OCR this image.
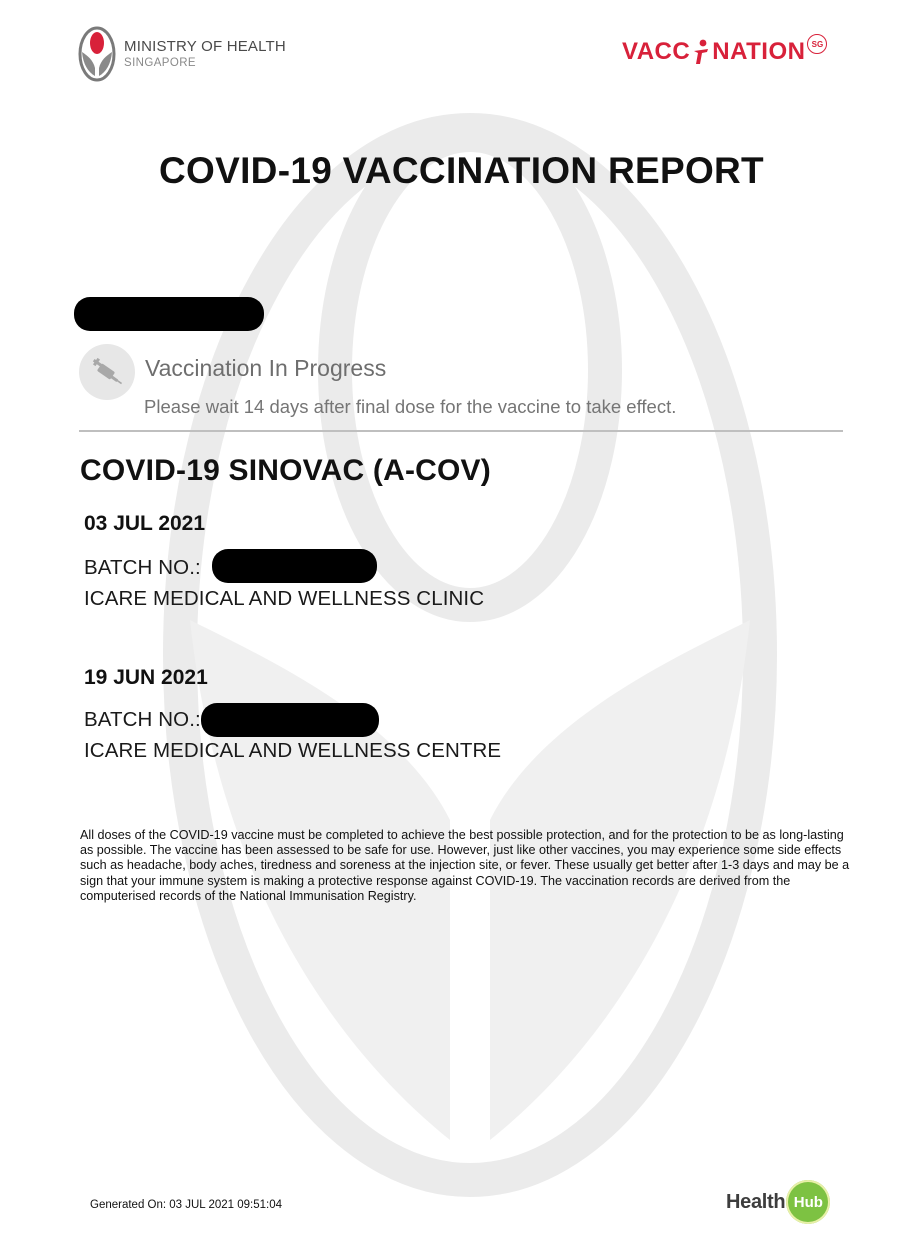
MINISTRY OF HEALTH
SINGAPORE	VACC NATION SG
COVID-19 VACCINATION REPORT
Vaccination In Progress
Please wait 14 days after final dose for the vaccine to take effect.
COVID-19 SINOVAC (A-COV)
03 JUL 2021
BATCH NO.:
ICARE MEDICAL AND WELLNESS CLINIC
19 JUN 2021
BATCH NO.:
ICARE MEDICAL AND WELLNESS CENTRE
All doses of the COVID-19 vaccine must be completed to achieve the best possible protection, and for the protection to be as long-lasting as possible. The vaccine has been assessed to be safe for use. However, just like other vaccines, you may experience some side effects such as headache, body aches, tiredness and soreness at the injection site, or fever. These usually get better after 1-3 days and may be a sign that your immune system is making a protective response against COVID-19. The vaccination records are derived from the computerised records of the National Immunisation Registry.
Generated On: 03 JUL 2021 09:51:04	Health Hub
